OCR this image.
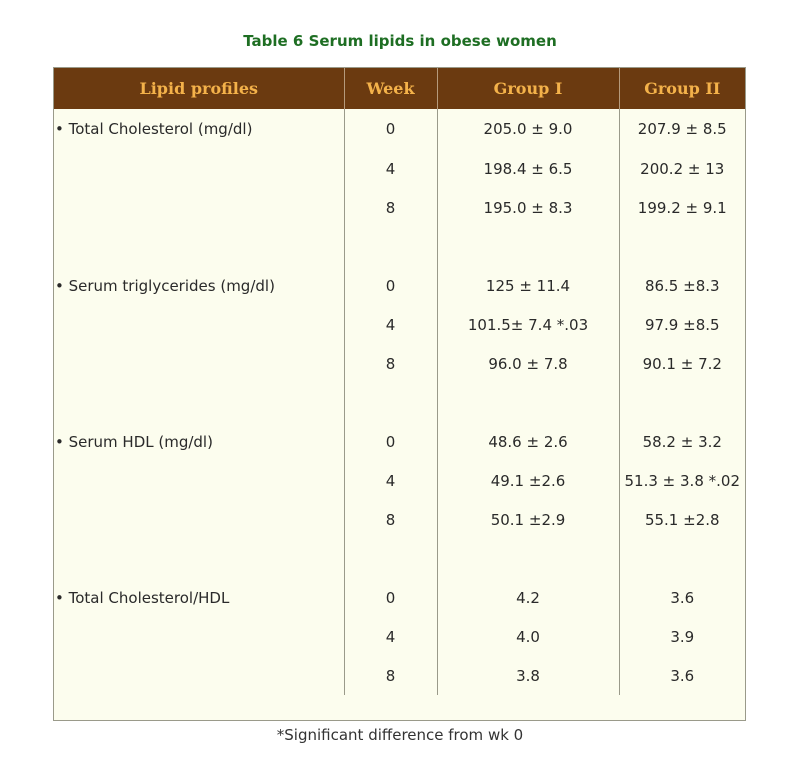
Table 6 Serum lipids in obese women
Lipid profiles	Week	Group I	Group II
• Total Cholesterol (mg/dl)	0	205.0 ± 9.0	207.9 ± 8.5
	4	198.4 ± 6.5	200.2 ± 13
	8	195.0 ± 8.3	199.2 ± 9.1

• Serum triglycerides (mg/dl)	0	125 ± 11.4	86.5 ±8.3
	4	101.5± 7.4 *.03	97.9 ±8.5
	8	96.0 ± 7.8	90.1 ± 7.2

• Serum HDL (mg/dl)	0	48.6 ± 2.6	58.2 ± 3.2
	4	49.1 ±2.6	51.3 ± 3.8 *.02
	8	50.1 ±2.9	55.1 ±2.8

• Total Cholesterol/HDL	0	4.2	3.6
	4	4.0	3.9
	8	3.8	3.6
*Significant difference from wk 0
